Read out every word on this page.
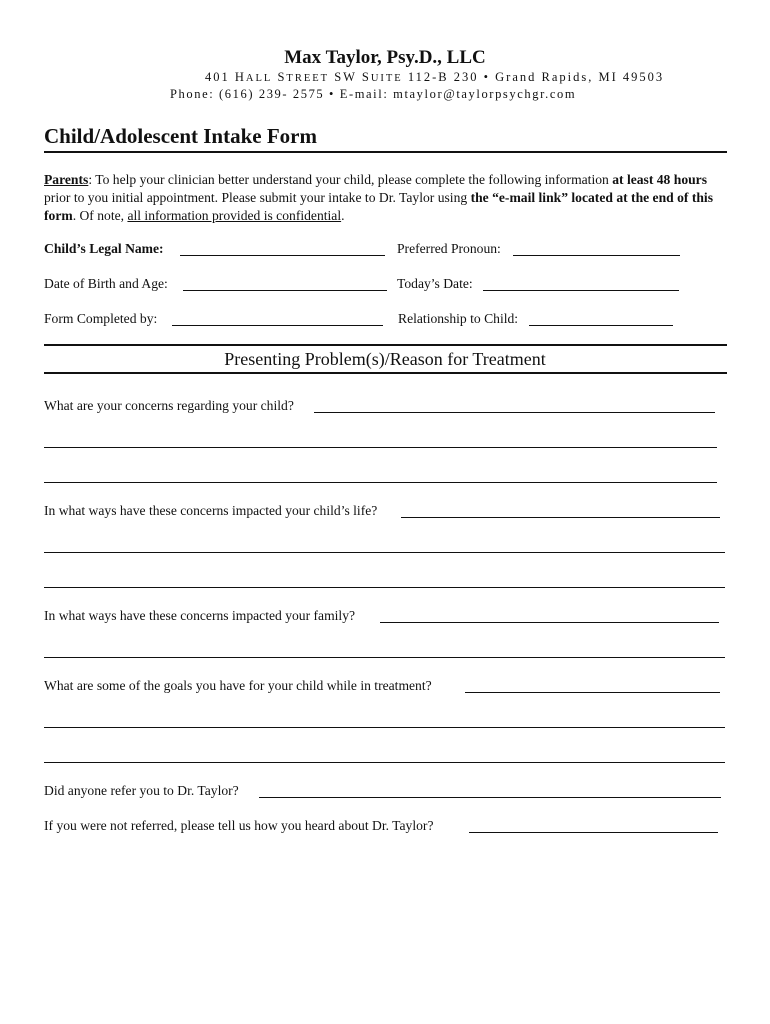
Max Taylor, Psy.D., LLC
401 HALL STREET SW SUITE 112-B 230 • Grand Rapids, MI 49503
Phone: (616) 239- 2575 • E-mail: mtaylor@taylorpsychgr.com
Child/Adolescent Intake Form
Parents: To help your clinician better understand your child, please complete the following information at least 48 hours prior to you initial appointment. Please submit your intake to Dr. Taylor using the “e-mail link” located at the end of this form. Of note, all information provided is confidential.
Child’s Legal Name:	Preferred Pronoun:
Date of Birth and Age:	Today’s Date:
Form Completed by:	Relationship to Child:
Presenting Problem(s)/Reason for Treatment
What are your concerns regarding your child?
In what ways have these concerns impacted your child’s life?
In what ways have these concerns impacted your family?
What are some of the goals you have for your child while in treatment?
Did anyone refer you to Dr. Taylor?
If you were not referred, please tell us how you heard about Dr. Taylor?
